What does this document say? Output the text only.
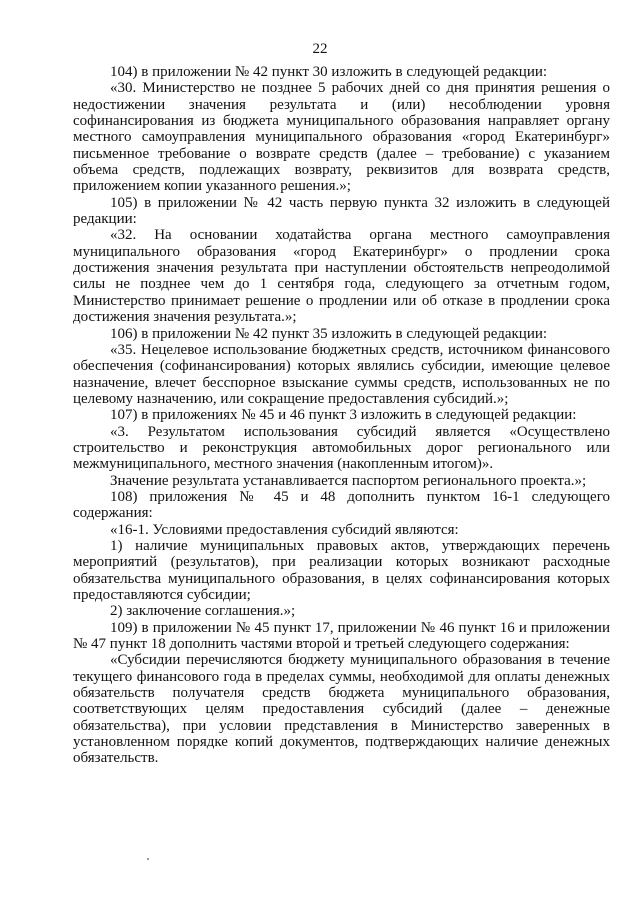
22

104) в приложении № 42 пункт 30 изложить в следующей редакции:

«30. Министерство не позднее 5 рабочих дней со дня принятия решения о недостижении значения результата и (или) несоблюдении уровня софинансирования из бюджета муниципального образования направляет органу местного самоуправления муниципального образования «город Екатеринбург» письменное требование о возврате средств (далее – требование) с указанием объема средств, подлежащих возврату, реквизитов для возврата средств, приложением копии указанного решения.»;

105) в приложении № 42 часть первую пункта 32 изложить в следующей редакции:

«32. На основании ходатайства органа местного самоуправления муниципального образования «город Екатеринбург» о продлении срока достижения значения результата при наступлении обстоятельств непреодолимой силы не позднее чем до 1 сентября года, следующего за отчетным годом, Министерство принимает решение о продлении или об отказе в продлении срока достижения значения результата.»;

106) в приложении № 42 пункт 35 изложить в следующей редакции:

«35. Нецелевое использование бюджетных средств, источником финансового обеспечения (софинансирования) которых являлись субсидии, имеющие целевое назначение, влечет бесспорное взыскание суммы средств, использованных не по целевому назначению, или сокращение предоставления субсидий.»;

107) в приложениях № 45 и 46 пункт 3 изложить в следующей редакции:

«3. Результатом использования субсидий является «Осуществлено строительство и реконструкция автомобильных дорог регионального или межмуниципального, местного значения (накопленным итогом)».

Значение результата устанавливается паспортом регионального проекта.»;

108) приложения № 45 и 48 дополнить пунктом 16-1 следующего содержания:

«16-1. Условиями предоставления субсидий являются:

1) наличие муниципальных правовых актов, утверждающих перечень мероприятий (результатов), при реализации которых возникают расходные обязательства муниципального образования, в целях софинансирования которых предоставляются субсидии;

2) заключение соглашения.»;

109) в приложении № 45 пункт 17, приложении № 46 пункт 16 и приложении № 47 пункт 18 дополнить частями второй и третьей следующего содержания:

«Субсидии перечисляются бюджету муниципального образования в течение текущего финансового года в пределах суммы, необходимой для оплаты денежных обязательств получателя средств бюджета муниципального образования, соответствующих целям предоставления субсидий (далее – денежные обязательства), при условии представления в Министерство заверенных в установленном порядке копий документов, подтверждающих наличие денежных обязательств.
